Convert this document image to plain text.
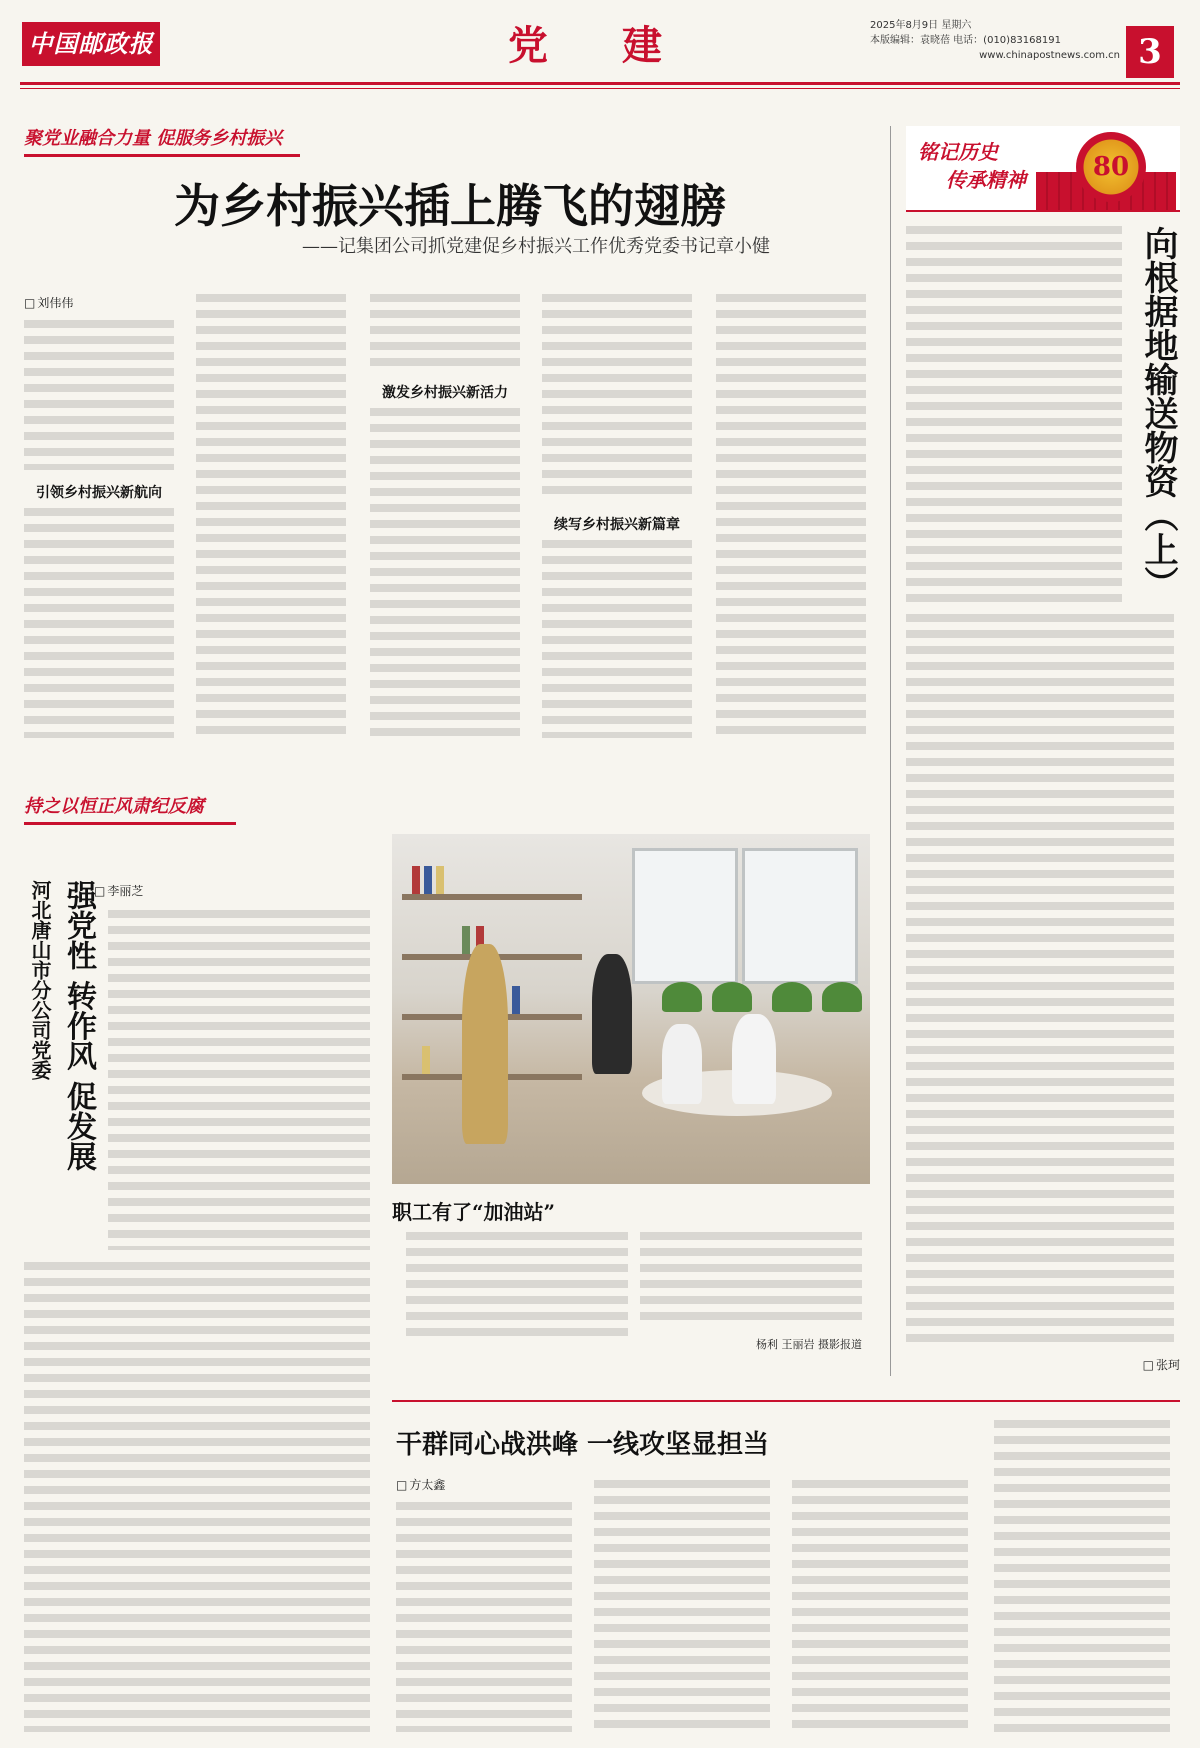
中国邮政报	党 建	2025年8月9日 星期六
本版编辑：袁晓蓓 电话：(010)83168191
www.chinapostnews.com.cn 3
聚党业融合力量 促服务乡村振兴
为乡村振兴插上腾飞的翅膀
——记集团公司抓党建促乡村振兴工作优秀党委书记章小健
□ 刘伟伟
引领乡村振兴新航向
激发乡村振兴新活力
续写乡村振兴新篇章
持之以恒正风肃纪反腐
河北唐山市分公司党委 强党性 转作风 促发展
□ 李丽芝
职工有了“加油站”
杨利 王丽岩 摄影报道
干群同心战洪峰 一线攻坚显担当
□ 方太鑫
80
铭记历史
传承精神
向根据地输送物资（上）
□ 张珂
